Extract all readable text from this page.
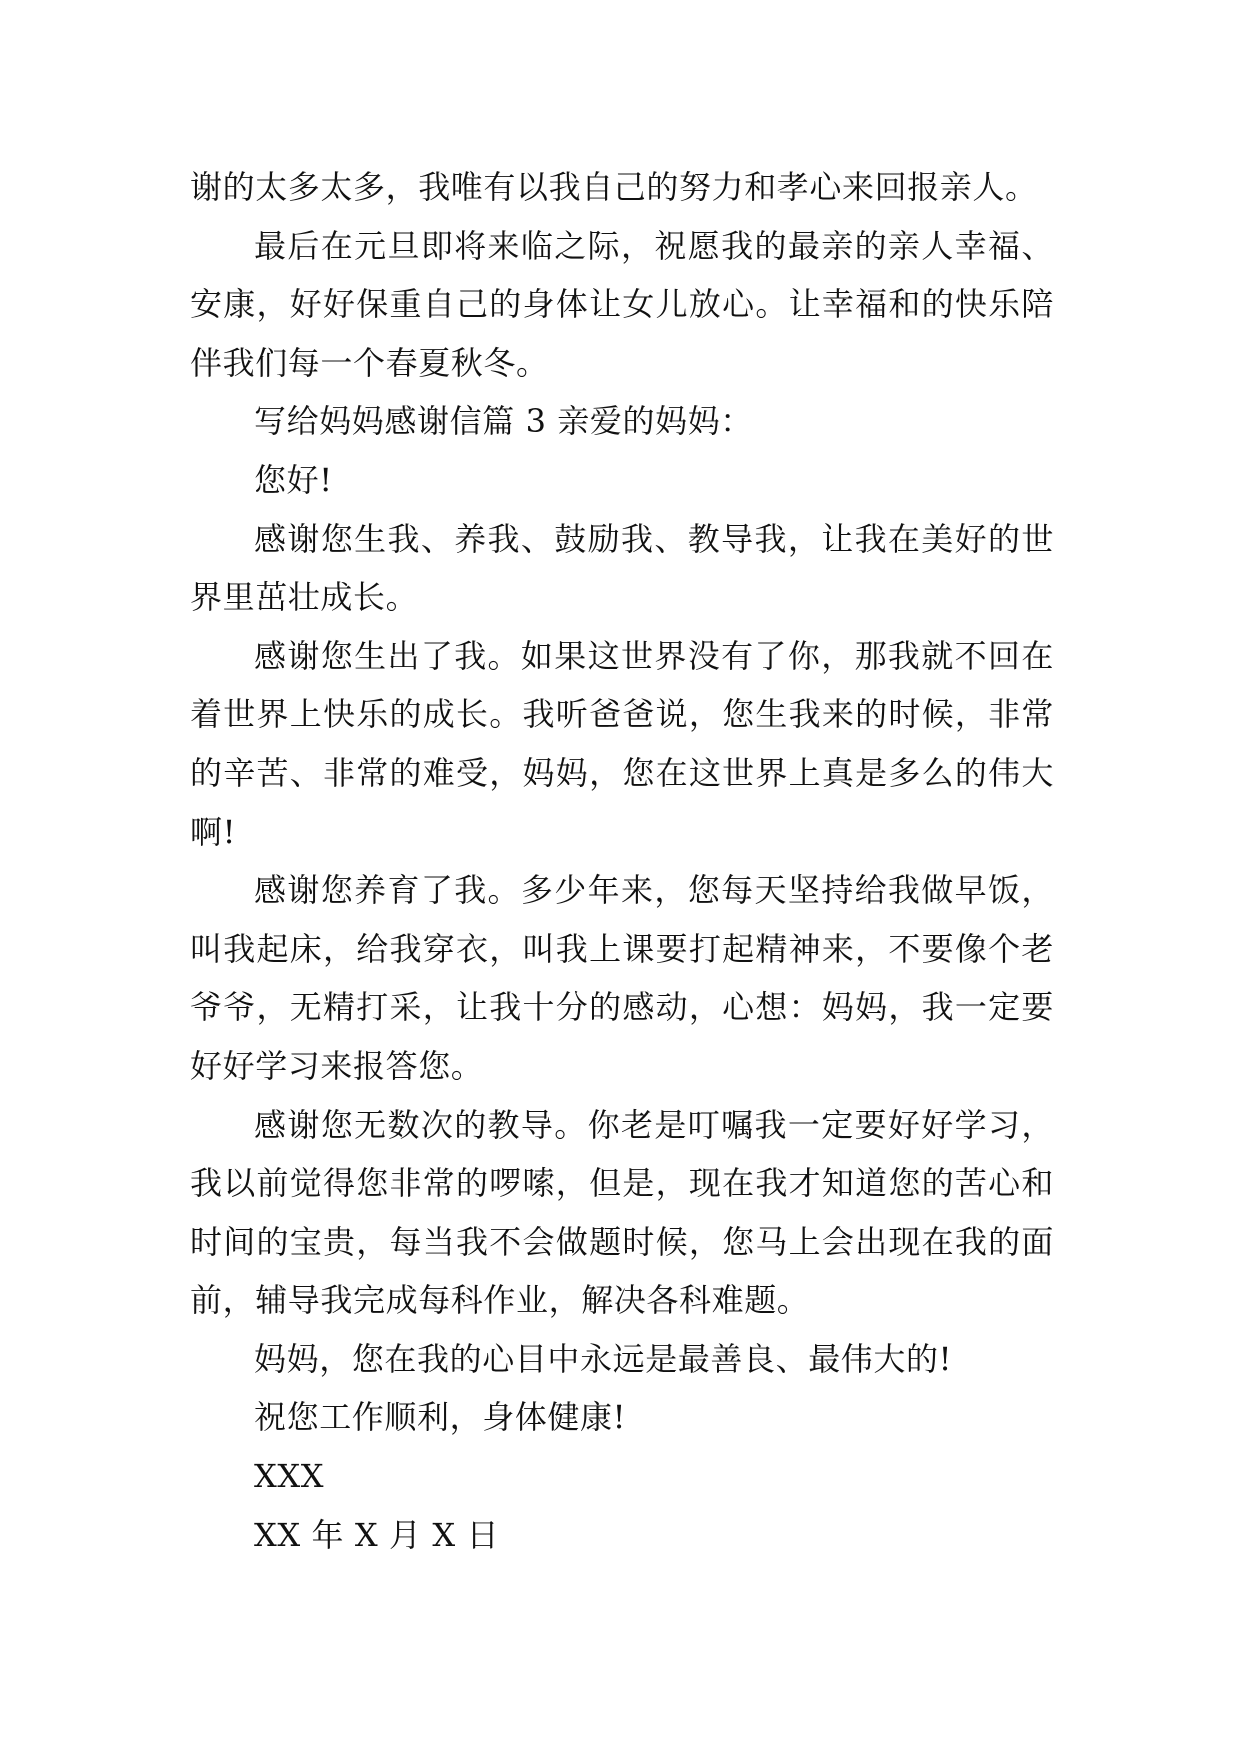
谢的太多太多，我唯有以我自己的努力和孝心来回报亲人。

最后在元旦即将来临之际，祝愿我的最亲的亲人幸福、安康，好好保重自己的身体让女儿放心。让幸福和的快乐陪伴我们每一个春夏秋冬。

写给妈妈感谢信篇 3 亲爱的妈妈：

您好!

感谢您生我、养我、鼓励我、教导我，让我在美好的世界里茁壮成长。

感谢您生出了我。如果这世界没有了你，那我就不回在着世界上快乐的成长。我听爸爸说，您生我来的时候，非常的辛苦、非常的难受，妈妈，您在这世界上真是多么的伟大啊!

感谢您养育了我。多少年来，您每天坚持给我做早饭，叫我起床，给我穿衣，叫我上课要打起精神来，不要像个老爷爷，无精打采，让我十分的感动，心想：妈妈，我一定要好好学习来报答您。

感谢您无数次的教导。你老是叮嘱我一定要好好学习，我以前觉得您非常的啰嗦，但是，现在我才知道您的苦心和时间的宝贵，每当我不会做题时候，您马上会出现在我的面前，辅导我完成每科作业，解决各科难题。

妈妈，您在我的心目中永远是最善良、最伟大的!

祝您工作顺利，身体健康!

XXX

XX 年 X 月 X 日
